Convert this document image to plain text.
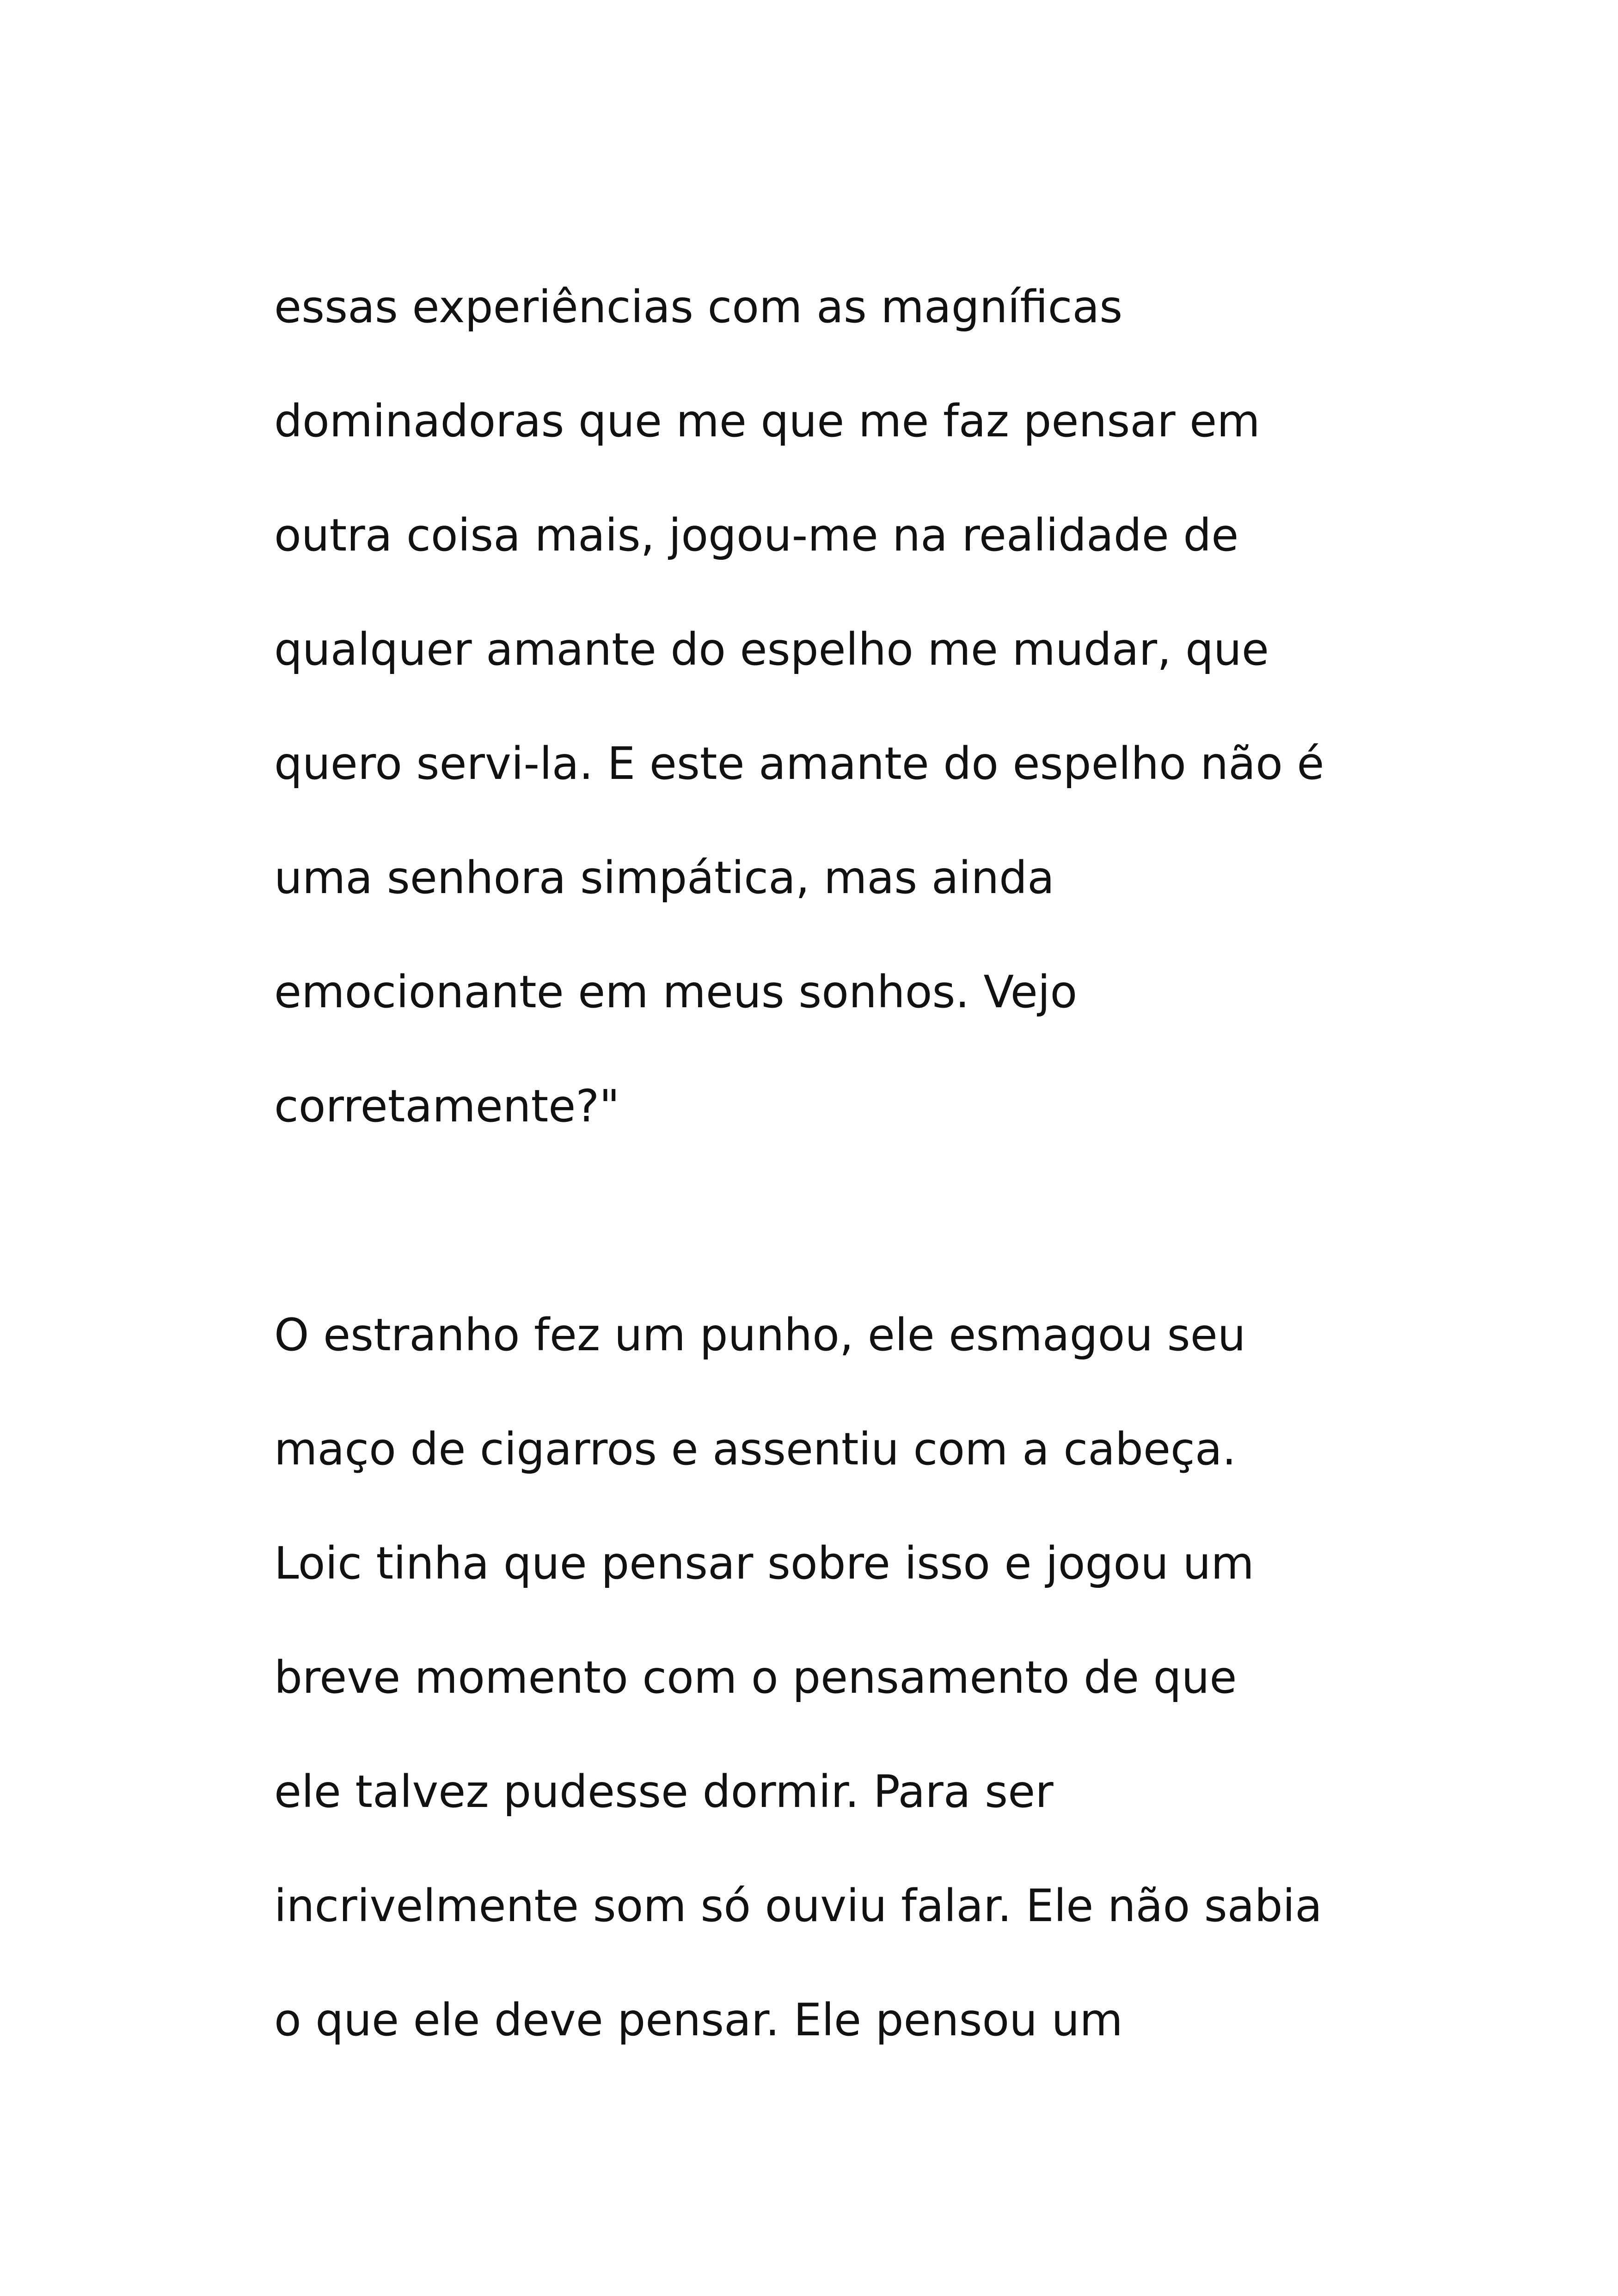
essas experiências com as magníficas
dominadoras que me que me faz pensar em
outra coisa mais, jogou-me na realidade de
qualquer amante do espelho me mudar, que
quero servi-la. E este amante do espelho não é
uma senhora simpática, mas ainda
emocionante em meus sonhos. Vejo
corretamente?"
O estranho fez um punho, ele esmagou seu
maço de cigarros e assentiu com a cabeça.
Loic tinha que pensar sobre isso e jogou um
breve momento com o pensamento de que
ele talvez pudesse dormir. Para ser
incrivelmente som só ouviu falar. Ele não sabia
o que ele deve pensar. Ele pensou um
